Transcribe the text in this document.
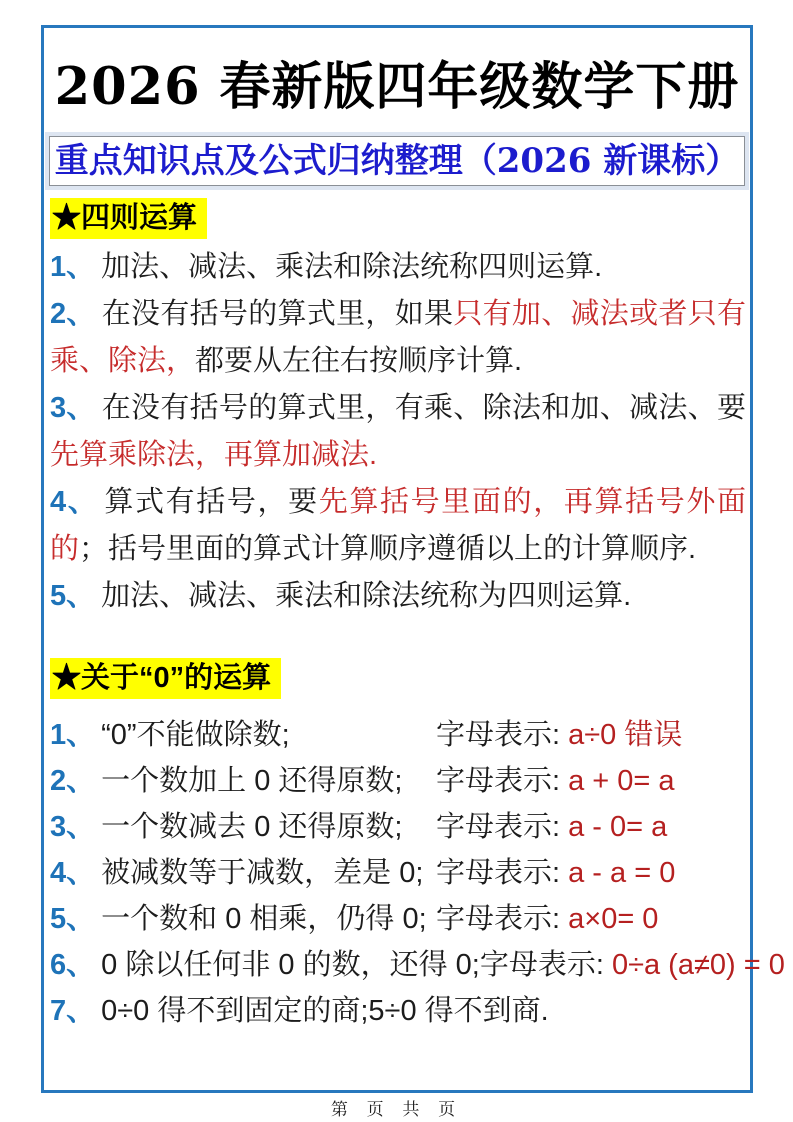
2026 春新版四年级数学下册
重点知识点及公式归纳整理（2026 新课标）
★四则运算

1、 加法、减法、乘法和除法统称四则运算.

2、 在没有括号的算式里，如果只有加、减法或者只有乘、除法，都要从左往右按顺序计算.

3、 在没有括号的算式里，有乘、除法和加、减法、要先算乘除法，再算加减法.

4、 算式有括号，要先算括号里面的，再算括号外面的；括号里面的算式计算顺序遵循以上的计算顺序.

5、 加法、减法、乘法和除法统称为四则运算.

★关于“0”的运算
1、 “0”不能做除数;	字母表示: a÷0 错误
2、 一个数加上 0 还得原数;	字母表示: a + 0= a
3、 一个数减去 0 还得原数;	字母表示: a - 0= a
4、 被减数等于减数，差是 0; 字母表示: a - a = 0
5、 一个数和 0 相乘，仍得 0; 字母表示: a×0= 0
6、 0 除以任何非 0 的数，还得 0; 字母表示: 0÷a (a≠0) = 0
7、 0÷0 得不到固定的商;5÷0 得不到商.
第 页 共 页
